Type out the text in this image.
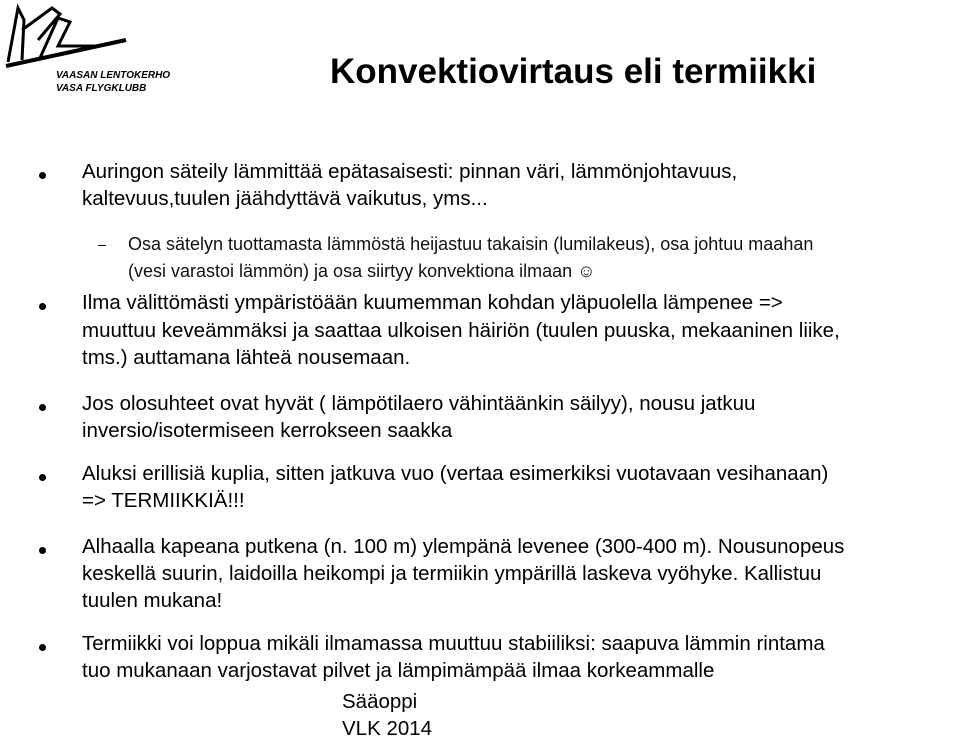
VAASAN LENTOKERHO
VASA FLYGKLUBB	Konvektiovirtaus eli termiikki
Auringon säteily lämmittää epätasaisesti: pinnan väri, lämmönjohtavuus,
kaltevuus,tuulen jäähdyttävä vaikutus, yms...
Osa sätelyn tuottamasta lämmöstä heijastuu takaisin (lumilakeus), osa johtuu maahan
(vesi varastoi lämmön) ja osa siirtyy konvektiona ilmaan ☺
Ilma välittömästi ympäristöään kuumemman kohdan yläpuolella lämpenee =>
muuttuu keveämmäksi ja saattaa ulkoisen häiriön (tuulen puuska, mekaaninen liike,
tms.) auttamana lähteä nousemaan.
Jos olosuhteet ovat hyvät ( lämpötilaero vähintäänkin säilyy), nousu jatkuu
inversio/isotermiseen kerrokseen saakka
Aluksi erillisiä kuplia, sitten jatkuva vuo (vertaa esimerkiksi vuotavaan vesihanaan)
=> TERMIIKKIÄ!!!
Alhaalla kapeana putkena (n. 100 m) ylempänä levenee (300-400 m). Nousunopeus
keskellä suurin, laidoilla heikompi ja termiikin ympärillä laskeva vyöhyke. Kallistuu
tuulen mukana!
Termiikki voi loppua mikäli ilmamassa muuttuu stabiiliksi: saapuva lämmin rintama
tuo mukanaan varjostavat pilvet ja lämpimämpää ilmaa korkeammalle
Sääoppi
VLK 2014
